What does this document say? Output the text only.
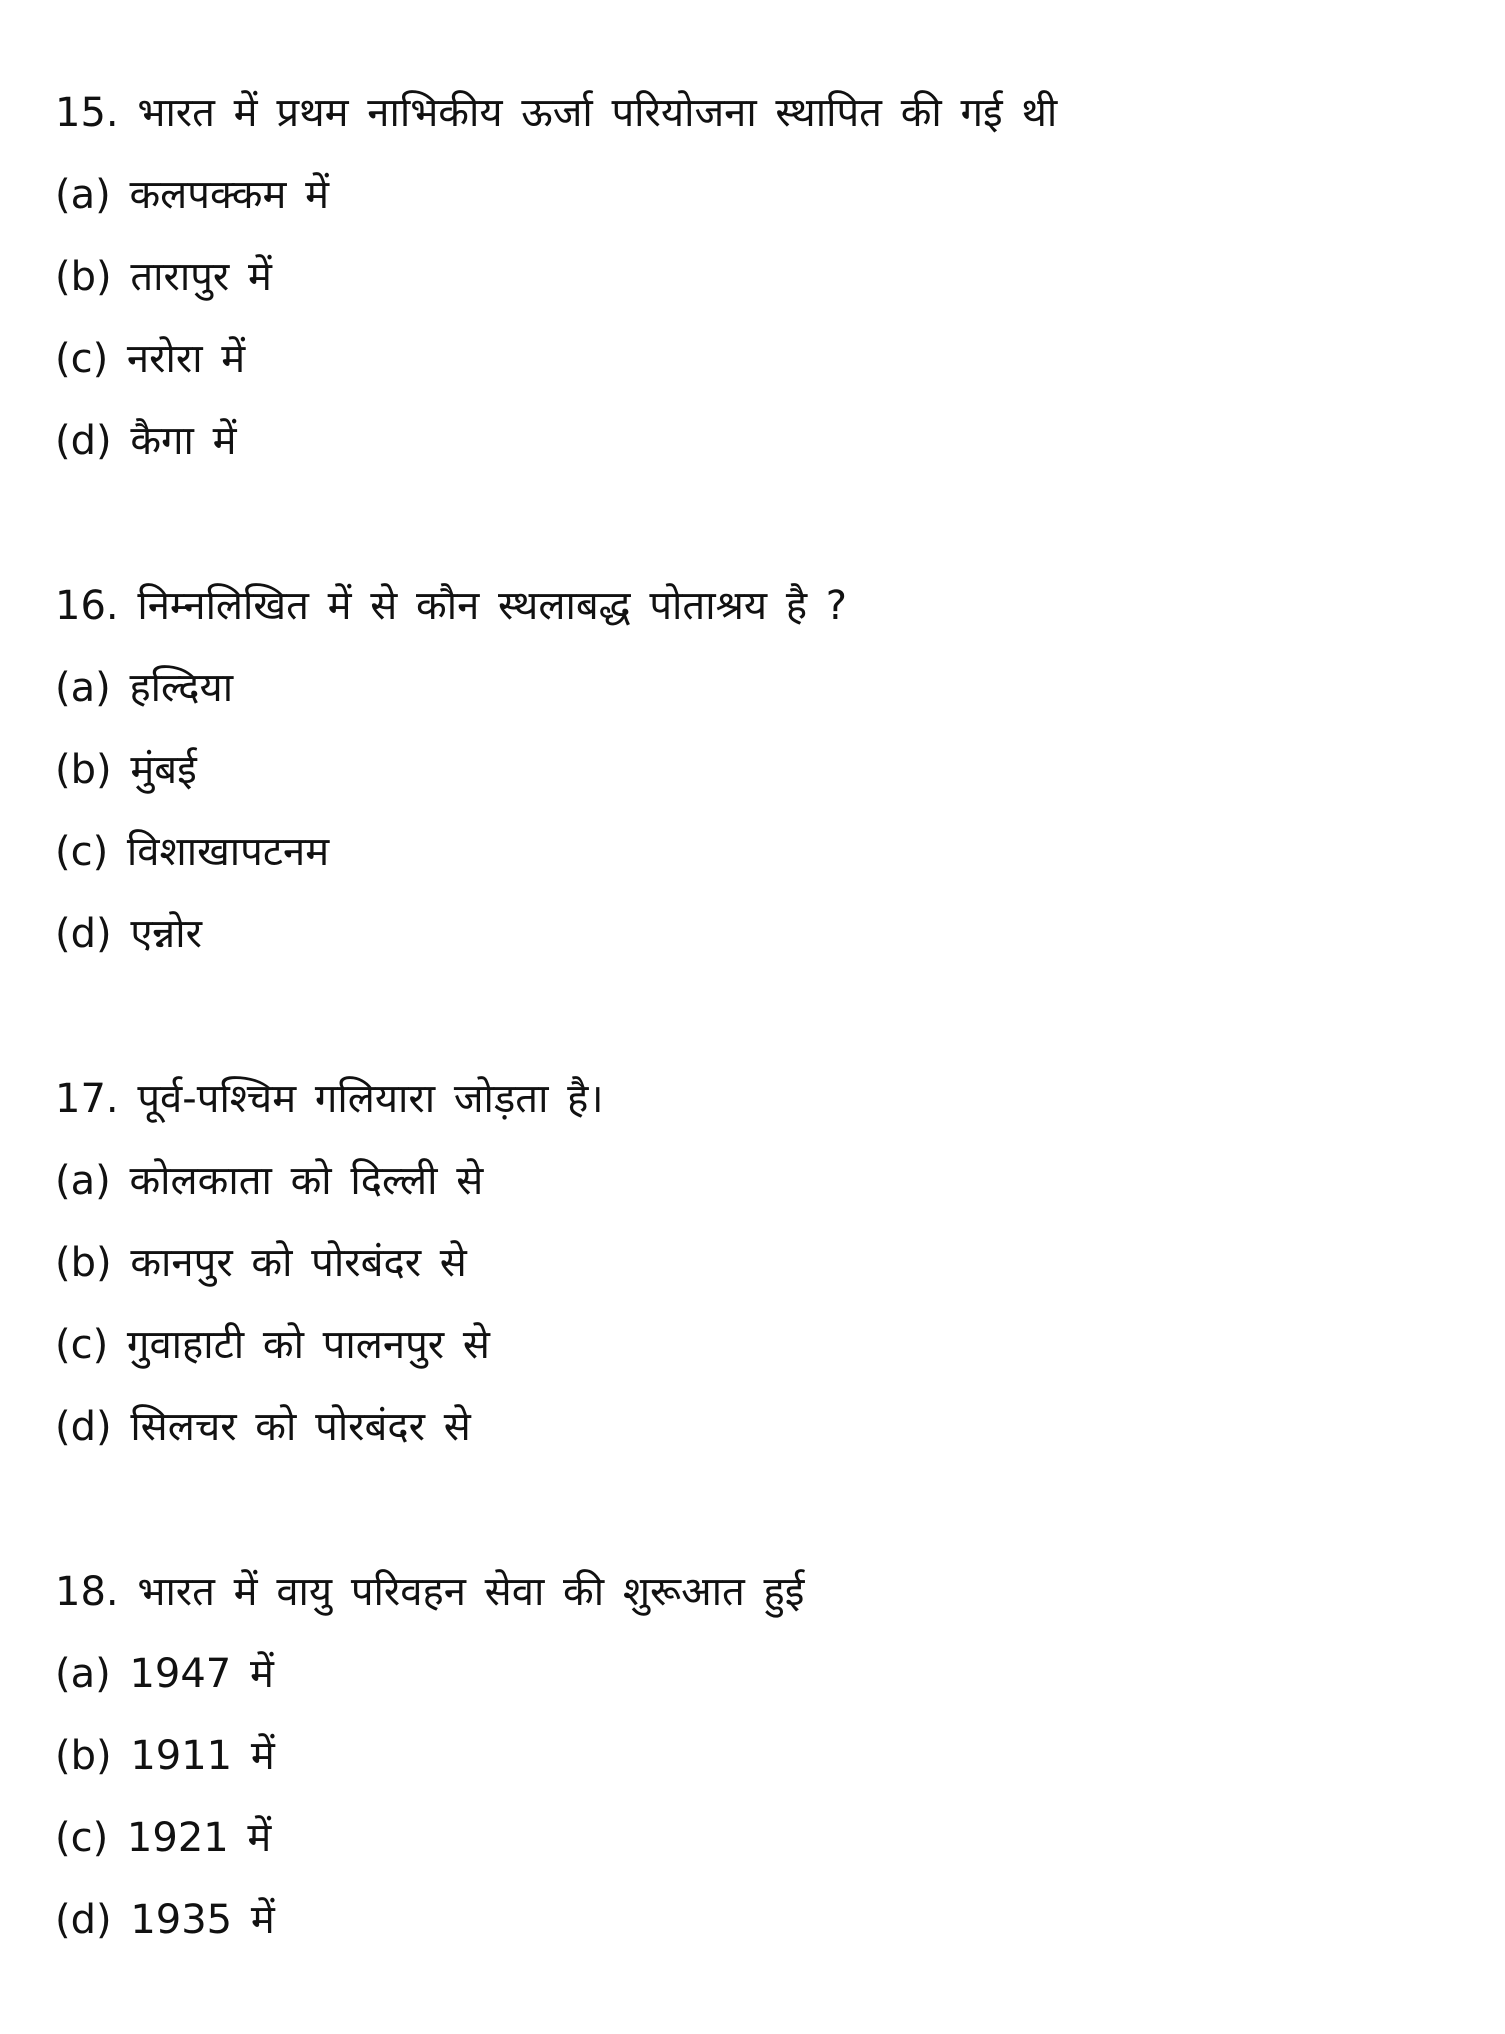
15. भारत में प्रथम नाभिकीय ऊर्जा परियोजना स्थापित की गई थी
(a) कलपक्कम में
(b) तारापुर में
(c) नरोरा में
(d) कैगा में
16. निम्नलिखित में से कौन स्थलाबद्ध पोताश्रय है ?
(a) हल्दिया
(b) मुंबई
(c) विशाखापटनम
(d) एन्नोर
17. पूर्व-पश्चिम गलियारा जोड़ता है।
(a) कोलकाता को दिल्ली से
(b) कानपुर को पोरबंदर से
(c) गुवाहाटी को पालनपुर से
(d) सिलचर को पोरबंदर से
18. भारत में वायु परिवहन सेवा की शुरूआत हुई
(a) 1947 में
(b) 1911 में
(c) 1921 में
(d) 1935 में
